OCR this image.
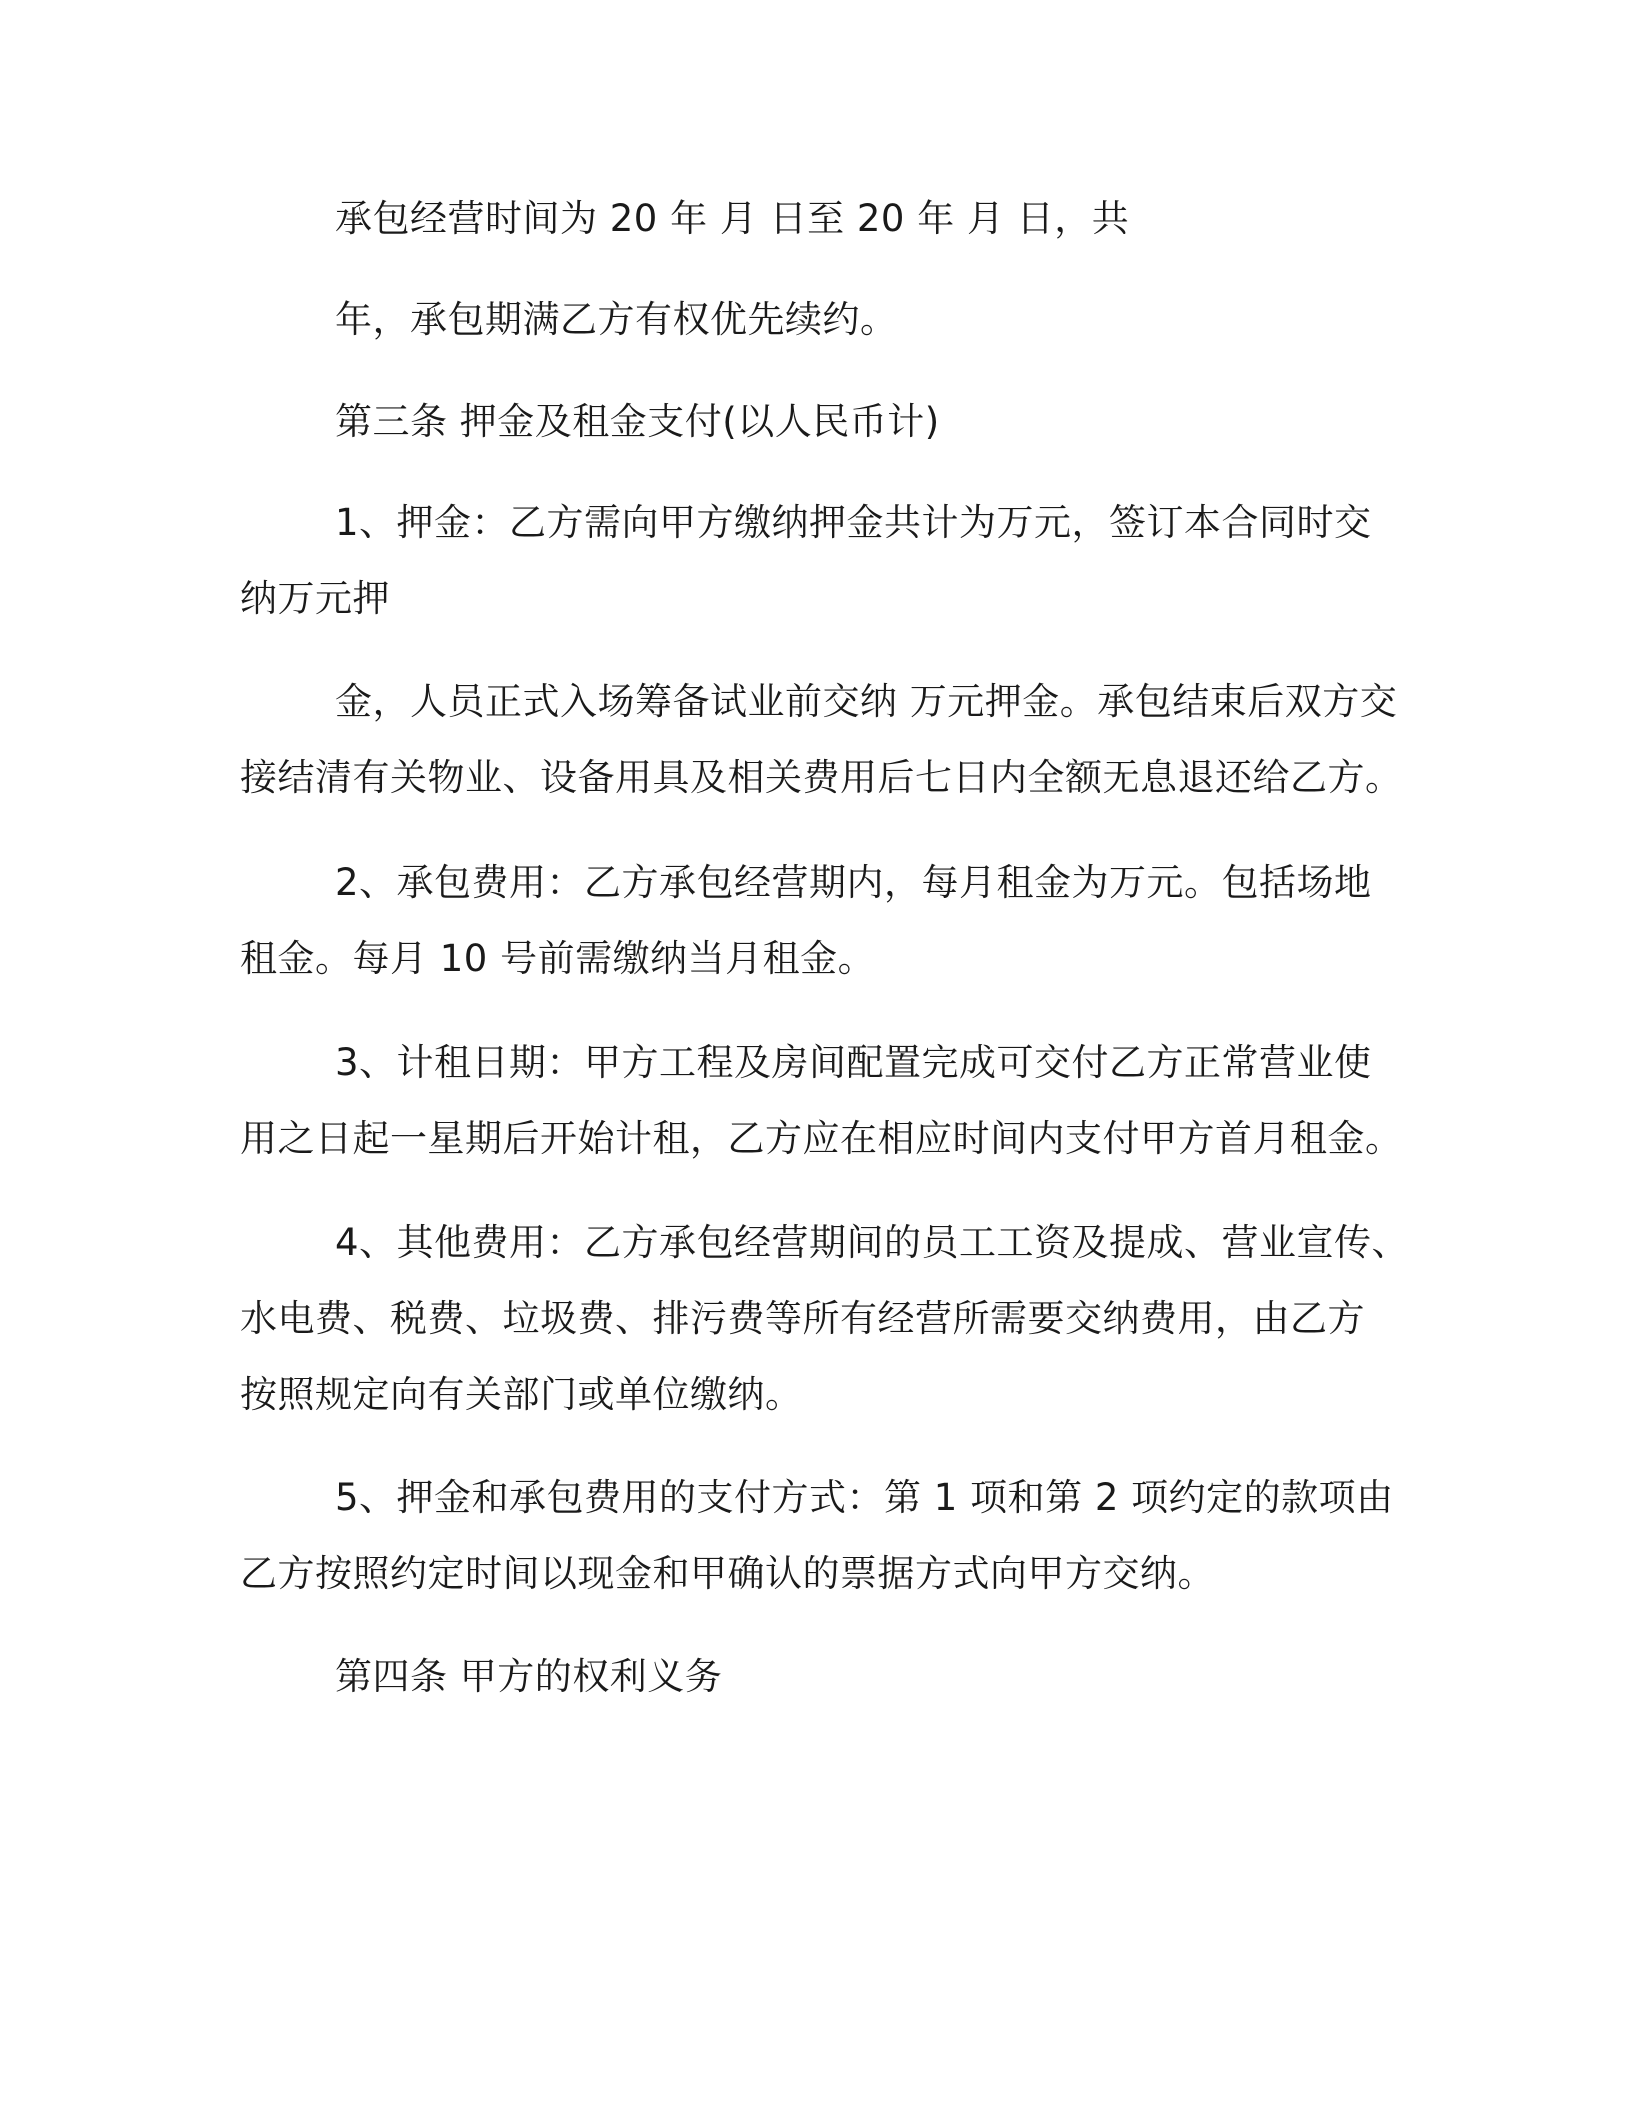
承包经营时间为 20 年 月 日至 20 年 月 日，共

年，承包期满乙方有权优先续约。

第三条 押金及租金支付(以人民币计)

1、押金：乙方需向甲方缴纳押金共计为万元，签订本合同时交
纳万元押

金，人员正式入场筹备试业前交纳 万元押金。承包结束后双方交
接结清有关物业、设备用具及相关费用后七日内全额无息退还给乙方。

2、承包费用：乙方承包经营期内，每月租金为万元。包括场地
租金。每月 10 号前需缴纳当月租金。

3、计租日期：甲方工程及房间配置完成可交付乙方正常营业使
用之日起一星期后开始计租，乙方应在相应时间内支付甲方首月租金。

4、其他费用：乙方承包经营期间的员工工资及提成、营业宣传、
水电费、税费、垃圾费、排污费等所有经营所需要交纳费用，由乙方
按照规定向有关部门或单位缴纳。

5、押金和承包费用的支付方式：第 1 项和第 2 项约定的款项由
乙方按照约定时间以现金和甲确认的票据方式向甲方交纳。

第四条 甲方的权利义务
